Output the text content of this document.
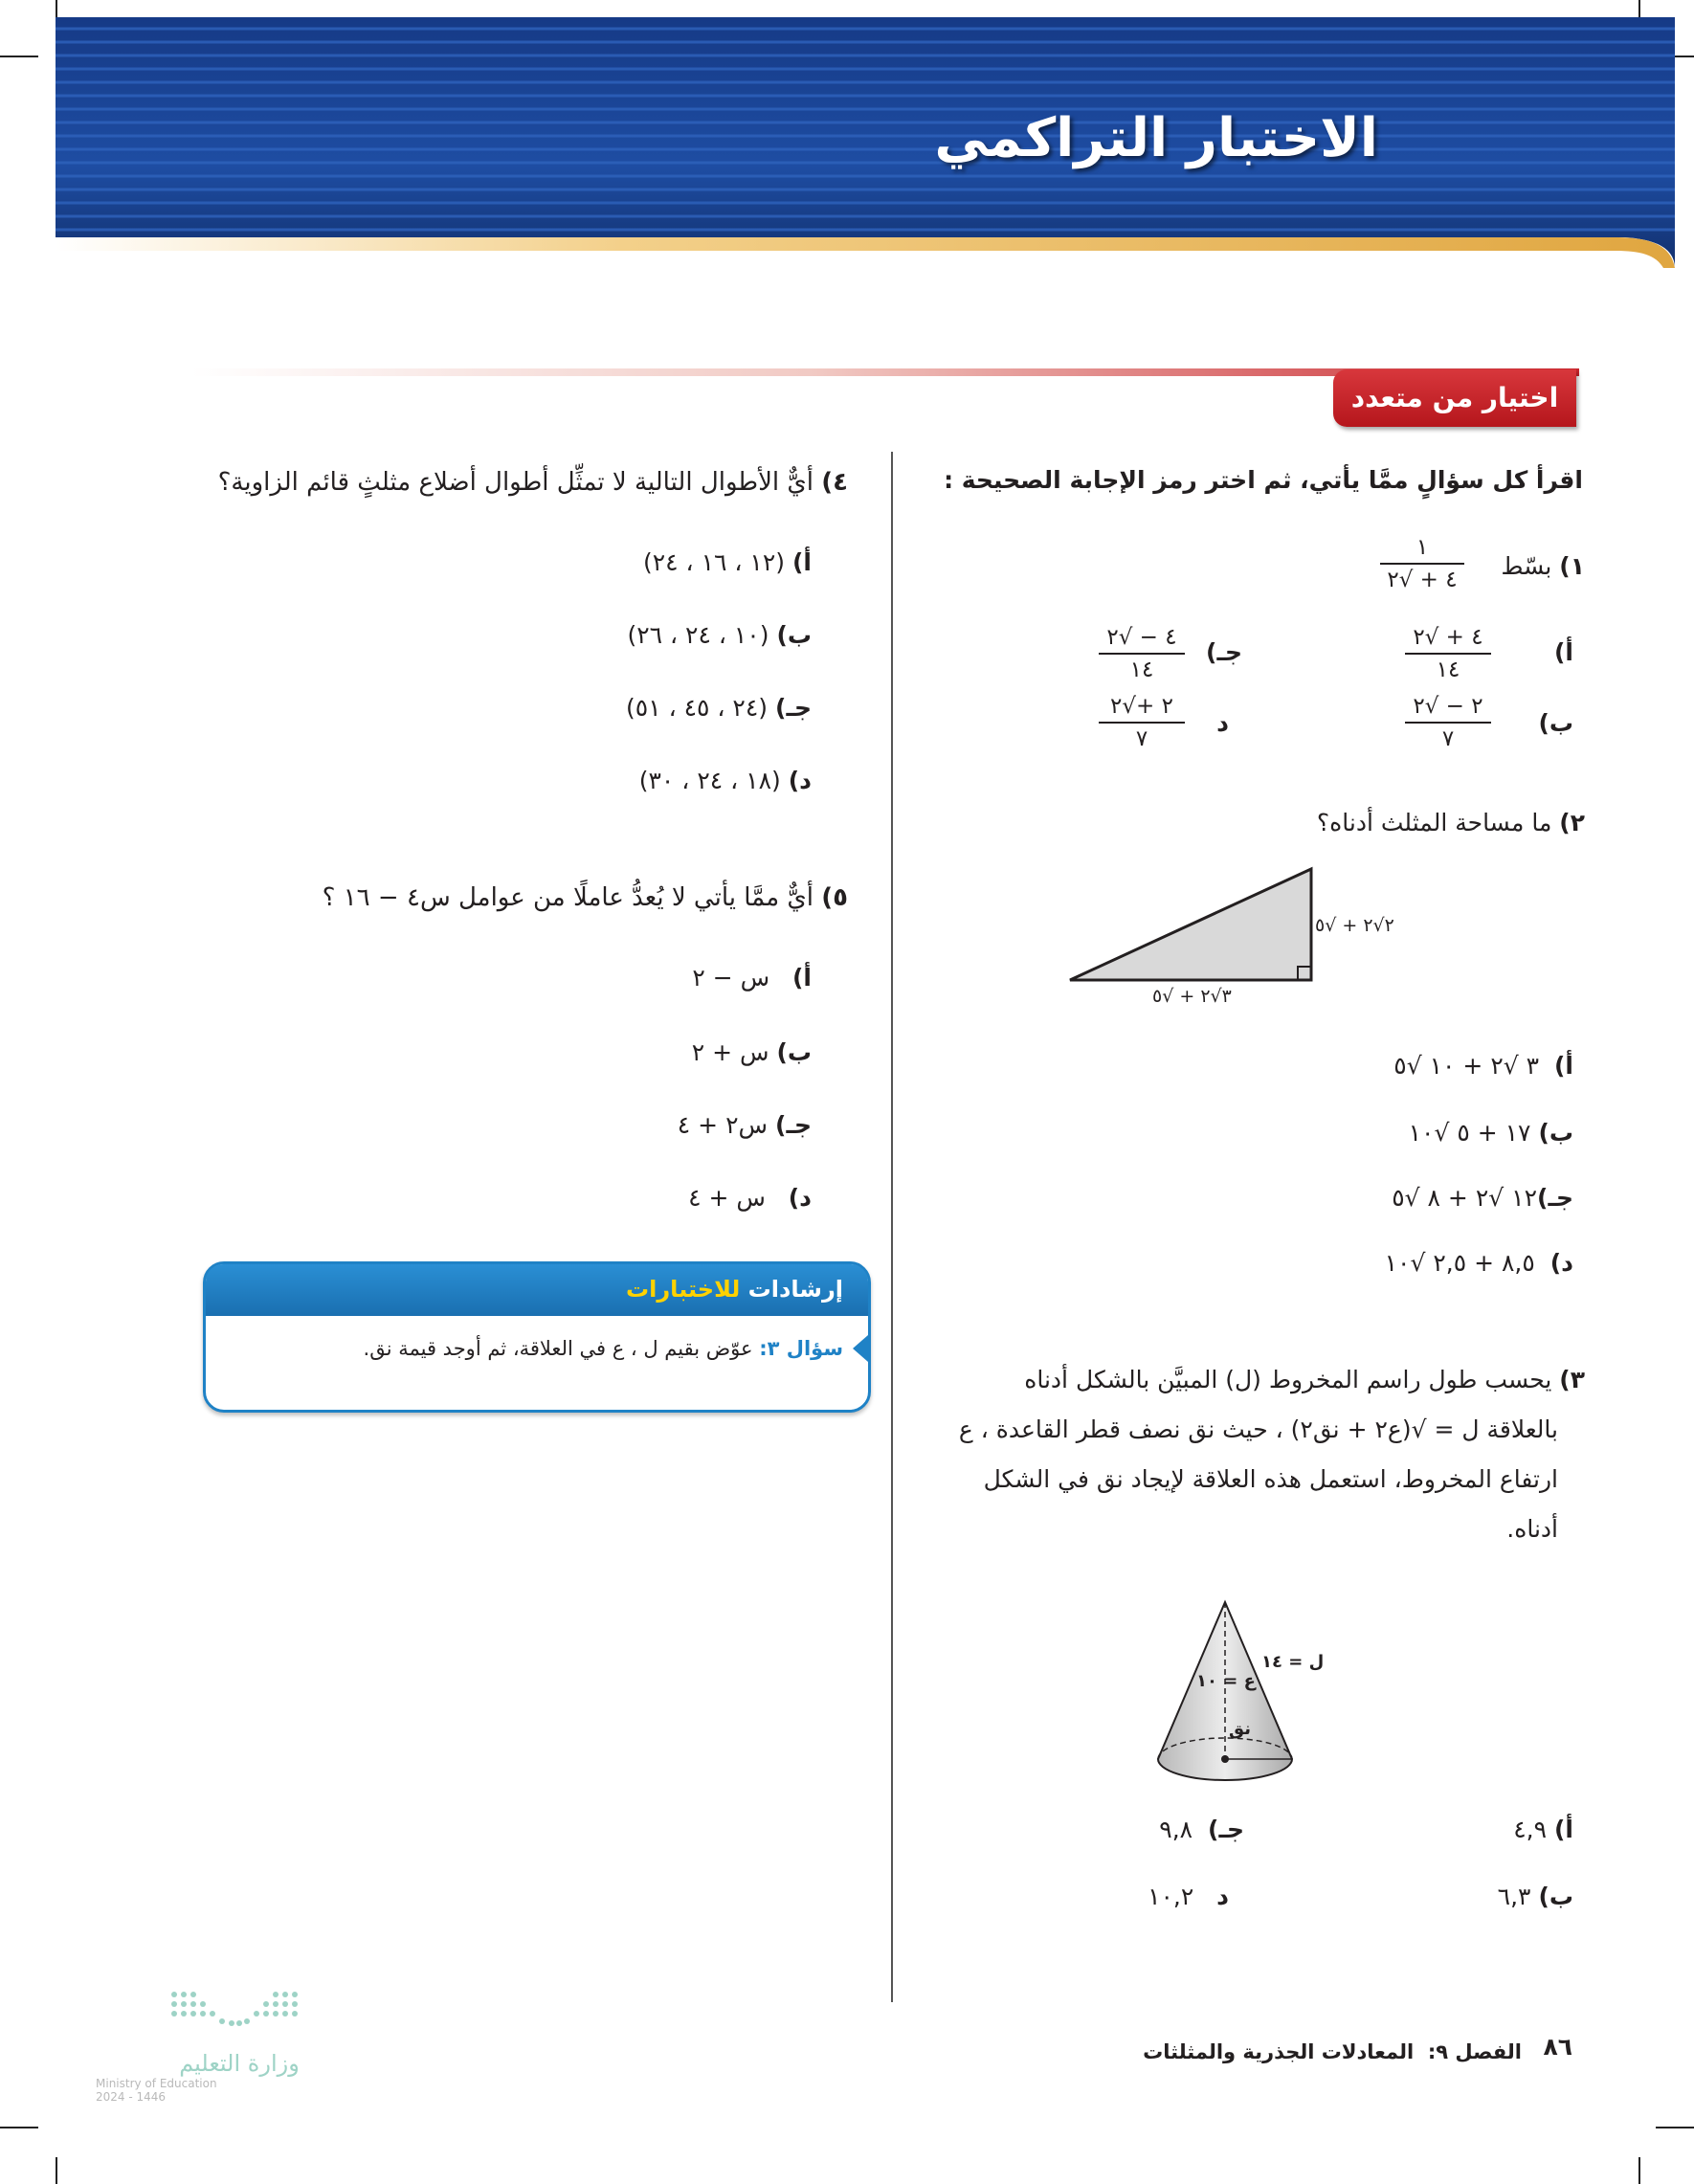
الاختبار التراكمي
اختيار من متعدد
اقرأ كل سؤالٍ ممَّا يأتي، ثم اختر رمز الإجابة الصحيحة :
١) بسّط
١
٤ + √٢
أ)
٤ + √٢
١٤
ب)
٢ − √٢
٧
جـ)
٤ − √٢
١٤
د
٢ +√٢
٧
٢) ما مساحة المثلث أدناه؟
٢√٢ + √٥
٣√٢ + √٥
أ)  ٣ √٢ + ١٠ √٥
ب) ١٧ + ٥ √١٠
جـ)١٢ √٢ + ٨ √٥
د)  ٨,٥ + ٢,٥ √١٠
٣) يحسب طول راسم المخروط (ل) المبيَّن بالشكل أدناه
بالعلاقة ل = √(ع٢ + نق٢) ، حيث نق نصف قطر القاعدة ، ع
ارتفاع المخروط، استعمل هذه العلاقة لإيجاد نق في الشكل
أدناه.
ل = ١٤
ع = ١٠
نق
أ) ٤,٩
ب) ٦,٣
جـ)  ٩,٨
د   ١٠,٢
٤) أيٌّ الأطوال التالية لا تمثِّل أطوال أضلاع مثلثٍ قائم الزاوية؟
أ) (١٢ ، ١٦ ، ٢٤)
ب) (١٠ ، ٢٤ ، ٢٦)
جـ) (٢٤ ، ٤٥ ، ٥١)
د) (١٨ ، ٢٤ ، ٣٠)
٥) أيٌّ ممَّا يأتي لا يُعدُّ عاملًا من عوامل س٤ − ١٦ ؟
أ)   س − ٢
ب) س + ٢
جـ) س٢ + ٤
د)   س + ٤
إرشادات للاختبارات
سؤال ٣: عوّض بقيم ل ، ع في العلاقة، ثم أوجد قيمة نق.
٨٦
الفصل ٩:  المعادلات الجذرية والمثلثات
وزارة التعليم
Ministry of Education
2024 - 1446
